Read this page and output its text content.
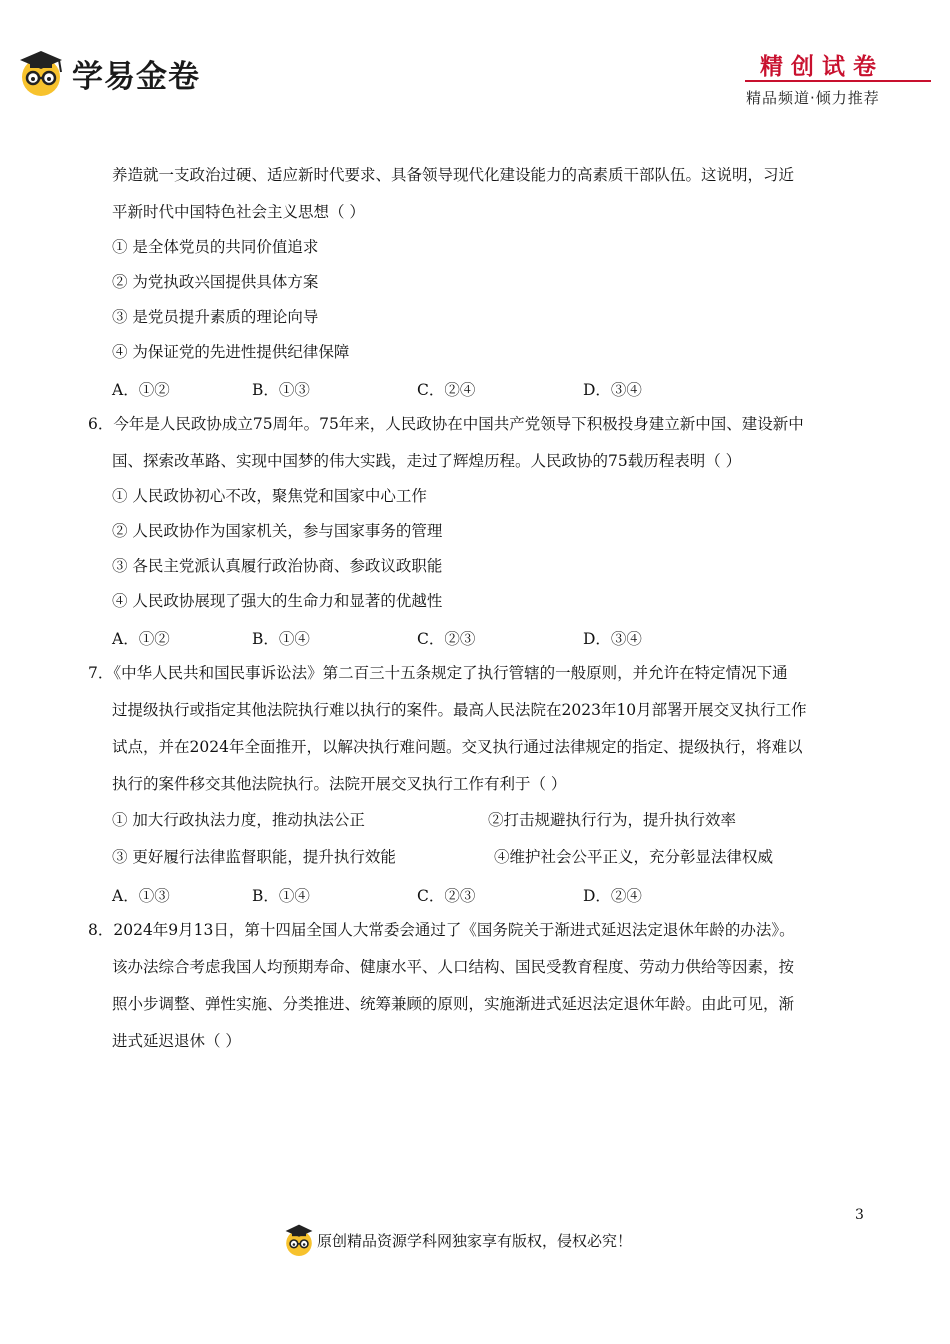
学易金卷	精创试卷
精品频道·倾力推荐
养造就一支政治过硬、适应新时代要求、具备领导现代化建设能力的高素质干部队伍。这说明，习近
平新时代中国特色社会主义思想（ ）
① 是全体党员的共同价值追求
② 为党执政兴国提供具体方案
③ 是党员提升素质的理论向导
④ 为保证党的先进性提供纪律保障
A．①②	B．①③	C．②④	D．③④
6．今年是人民政协成立75周年。75年来，人民政协在中国共产党领导下积极投身建立新中国、建设新中
国、探索改革路、实现中国梦的伟大实践，走过了辉煌历程。人民政协的75载历程表明（ ）
① 人民政协初心不改，聚焦党和国家中心工作
② 人民政协作为国家机关，参与国家事务的管理
③ 各民主党派认真履行政治协商、参政议政职能
④ 人民政协展现了强大的生命力和显著的优越性
A．①②	B．①④	C．②③	D．③④
7．《中华人民共和国民事诉讼法》第二百三十五条规定了执行管辖的一般原则，并允许在特定情况下通
过提级执行或指定其他法院执行难以执行的案件。最高人民法院在2023年10月部署开展交叉执行工作
试点，并在2024年全面推开，以解决执行难问题。交叉执行通过法律规定的指定、提级执行，将难以
执行的案件移交其他法院执行。法院开展交叉执行工作有利于（ ）
① 加大行政执法力度，推动执法公正	②打击规避执行行为，提升执行效率
③ 更好履行法律监督职能，提升执行效能	④维护社会公平正义，充分彰显法律权威
A．①③	B．①④	C．②③	D．②④
8．2024年9月13日，第十四届全国人大常委会通过了《国务院关于渐进式延迟法定退休年龄的办法》。
该办法综合考虑我国人均预期寿命、健康水平、人口结构、国民受教育程度、劳动力供给等因素，按
照小步调整、弹性实施、分类推进、统筹兼顾的原则，实施渐进式延迟法定退休年龄。由此可见，渐
进式延迟退休（ ）
3
原创精品资源学科网独家享有版权，侵权必究！
